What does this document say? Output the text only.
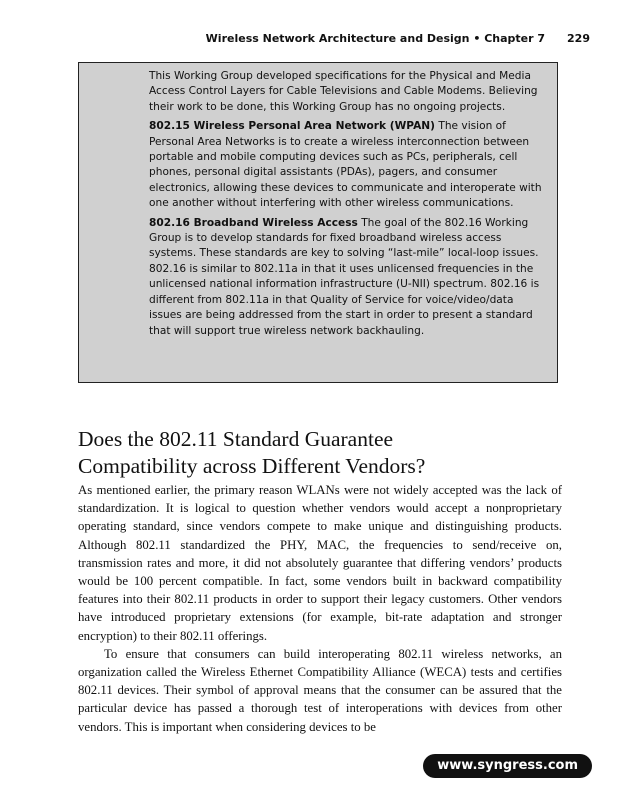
Wireless Network Architecture and Design • Chapter 7 229

This Working Group developed specifications for the Physical and Media Access Control Layers for Cable Televisions and Cable Modems. Believing their work to be done, this Working Group has no ongoing projects.

802.15 Wireless Personal Area Network (WPAN) The vision of Personal Area Networks is to create a wireless interconnection between portable and mobile computing devices such as PCs, peripherals, cell phones, personal digital assistants (PDAs), pagers, and consumer electronics, allowing these devices to communicate and interoperate with one another without interfering with other wireless communications.

802.16 Broadband Wireless Access The goal of the 802.16 Working Group is to develop standards for fixed broadband wireless access systems. These standards are key to solving “last-mile” local-loop issues. 802.16 is similar to 802.11a in that it uses unlicensed frequencies in the unlicensed national information infrastructure (U-NII) spectrum. 802.16 is different from 802.11a in that Quality of Service for voice/video/data issues are being addressed from the start in order to present a standard that will support true wireless network backhauling.

Does the 802.11 Standard Guarantee
Compatibility across Different Vendors?

As mentioned earlier, the primary reason WLANs were not widely accepted was the lack of standardization. It is logical to question whether vendors would accept a nonproprietary operating standard, since vendors compete to make unique and distinguishing products. Although 802.11 standardized the PHY, MAC, the frequencies to send/receive on, transmission rates and more, it did not absolutely guarantee that differing vendors’ products would be 100 percent compatible. In fact, some vendors built in backward compatibility features into their 802.11 products in order to support their legacy customers. Other vendors have introduced proprietary extensions (for example, bit-rate adaptation and stronger encryption) to their 802.11 offerings.

To ensure that consumers can build interoperating 802.11 wireless networks, an organization called the Wireless Ethernet Compatibility Alliance (WECA) tests and certifies 802.11 devices. Their symbol of approval means that the consumer can be assured that the particular device has passed a thorough test of interoperations with devices from other vendors. This is important when considering devices to be

www.syngress.com
